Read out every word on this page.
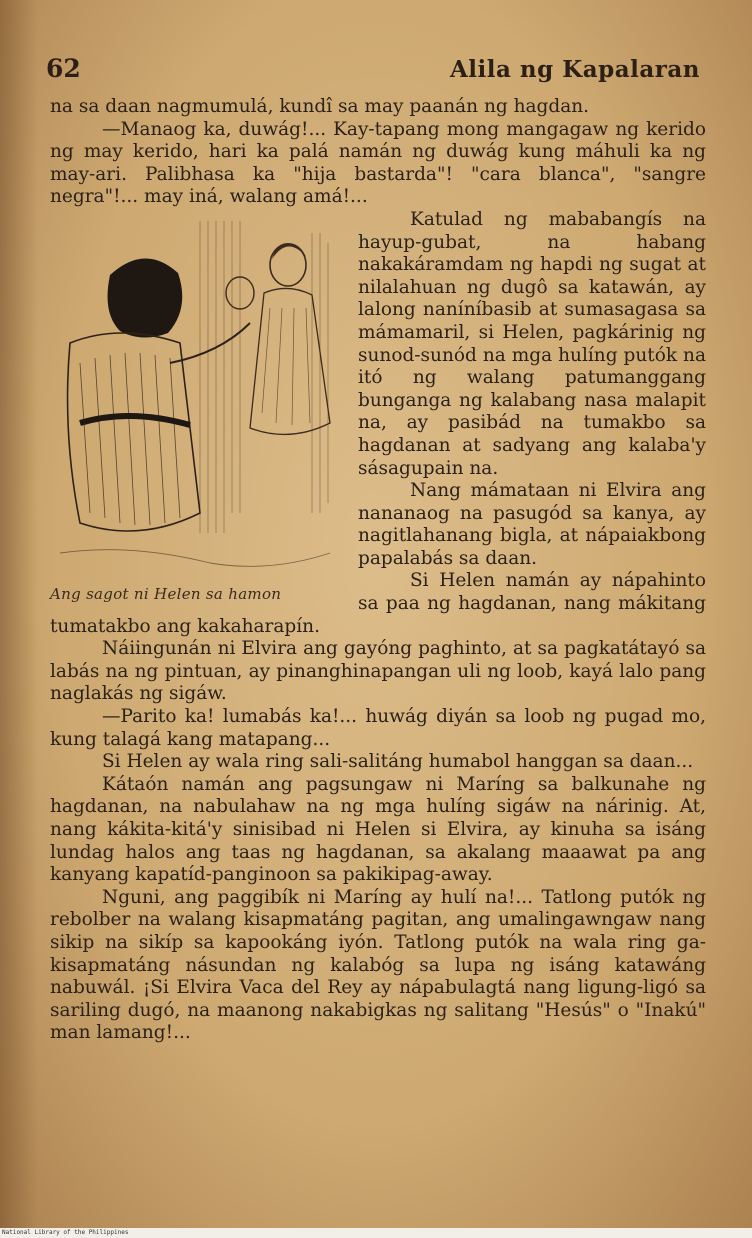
62	Alila ng Kapalaran

na sa daan nagmumulá, kundî sa may paanán ng hagdan.

—Manaog ka, duwág!... Kay-tapang mong mangagaw ng kerido ng may kerido, hari ka palá namán ng duwág kung máhuli ka ng may-ari. Palibhasa ka "hija bastarda"! "cara blanca", "sangre negra"!... may iná, walang amá!...

Ang sagot ni Helen sa hamon

Katulad ng mababangís na hayup-gubat, na habang nakakáramdam ng hapdi ng sugat at nilalahuan ng dugô sa katawán, ay lalong naníníbasib at sumasagasa sa mámamaril, si Helen, pagkárinig ng sunod-sunód na mga hulíng putók na itó ng walang patumanggang bunganga ng kalabang nasa malapit na, ay pasibád na tumakbo sa hagdanan at sadyang ang kalaba'y sásagupain na.

Nang mámataan ni Elvira ang nananaog na pasugód sa kanya, ay nagitlahanang bigla, at nápaiakbong papalabás sa daan.

Si Helen namán ay nápahinto sa paa ng hagdanan, nang mákitang tumatakbo ang kakaharapín.

Náiingunán ni Elvira ang gayóng paghinto, at sa pagkatátayó sa labás na ng pintuan, ay pinanghinapangan uli ng loob, kayá lalo pang naglakás ng sigáw.

—Parito ka! lumabás ka!... huwág diyán sa loob ng pugad mo, kung talagá kang matapang...

Si Helen ay wala ring sali-salitáng humabol hanggan sa daan...

Kátaón namán ang pagsungaw ni Maríng sa balkunahe ng hagdanan, na nabulahaw na ng mga hulíng sigáw na nárinig. At, nang kákita-kitá'y sinisibad ni Helen si Elvira, ay kinuha sa isáng lundag halos ang taas ng hagdanan, sa akalang maaawat pa ang kanyang kapatíd-panginoon sa pakikipag-away.

Nguni, ang paggibík ni Maríng ay hulí na!... Tatlong putók ng rebolber na walang kisapmatáng pagitan, ang umalingawngaw nang sikip na sikíp sa kapookáng iyón. Tatlong putók na wala ring ga-kisapmatáng násundan ng kalabóg sa lupa ng isáng katawáng nabuwál. ¡Si Elvira Vaca del Rey ay nápabulagtá nang ligung-ligó sa sariling dugó, na maanong nakabigkas ng salitang "Hesús" o "Inakú" man lamang!...

National Library of the Philippines
